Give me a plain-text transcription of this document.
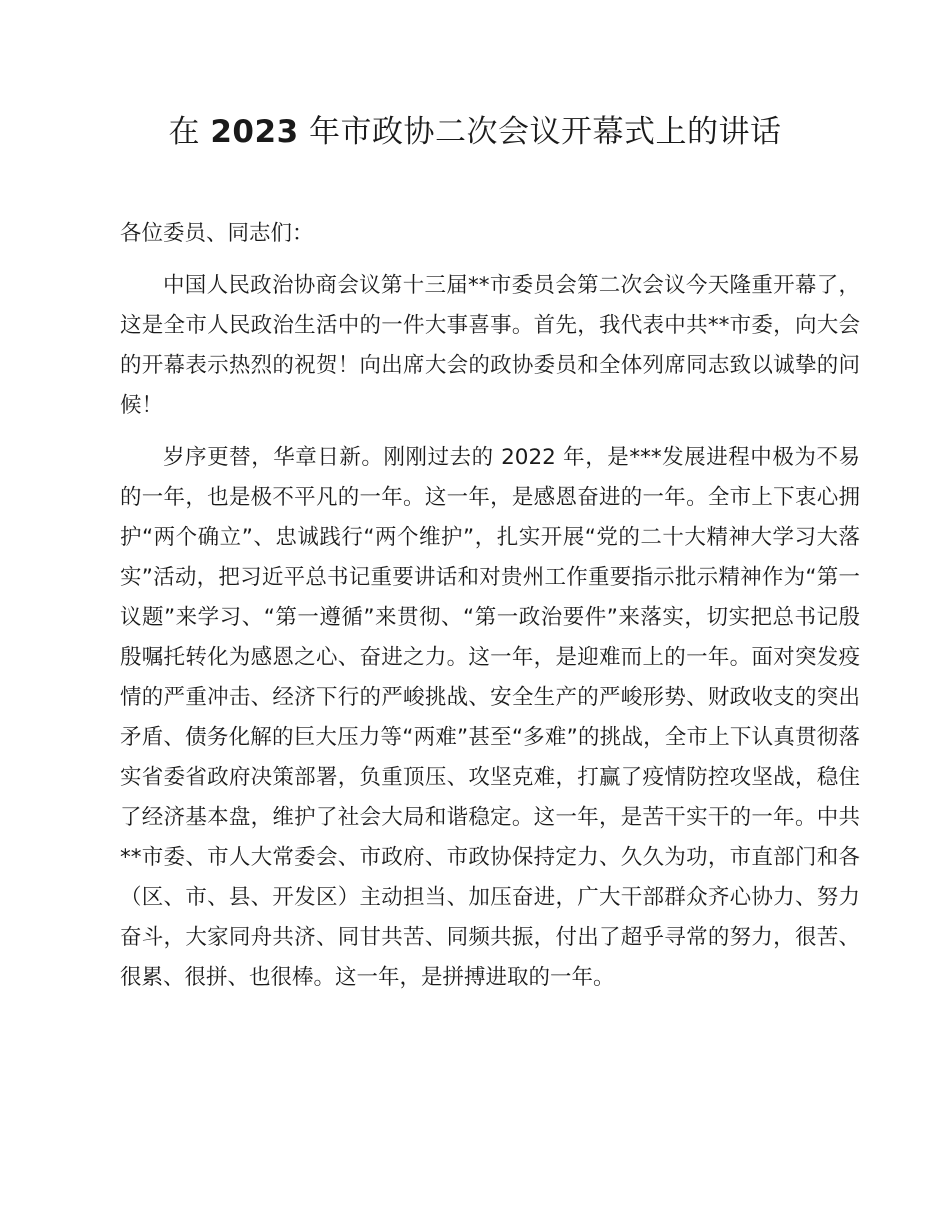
在 2023 年市政协二次会议开幕式上的讲话

各位委员、同志们：

中国人民政治协商会议第十三届**市委员会第二次会议今天隆重开幕了，这是全市人民政治生活中的一件大事喜事。首先，我代表中共**市委，向大会的开幕表示热烈的祝贺！向出席大会的政协委员和全体列席同志致以诚挚的问候！

岁序更替，华章日新。刚刚过去的 2022 年，是***发展进程中极为不易的一年，也是极不平凡的一年。这一年，是感恩奋进的一年。全市上下衷心拥护“两个确立”、忠诚践行“两个维护”，扎实开展“党的二十大精神大学习大落实”活动，把习近平总书记重要讲话和对贵州工作重要指示批示精神作为“第一议题”来学习、“第一遵循”来贯彻、“第一政治要件”来落实，切实把总书记殷殷嘱托转化为感恩之心、奋进之力。这一年，是迎难而上的一年。面对突发疫情的严重冲击、经济下行的严峻挑战、安全生产的严峻形势、财政收支的突出矛盾、债务化解的巨大压力等“两难”甚至“多难”的挑战，全市上下认真贯彻落实省委省政府决策部署，负重顶压、攻坚克难，打赢了疫情防控攻坚战，稳住了经济基本盘，维护了社会大局和谐稳定。这一年，是苦干实干的一年。中共**市委、市人大常委会、市政府、市政协保持定力、久久为功，市直部门和各（区、市、县、开发区）主动担当、加压奋进，广大干部群众齐心协力、努力奋斗，大家同舟共济、同甘共苦、同频共振，付出了超乎寻常的努力，很苦、很累、很拼、也很棒。这一年，是拼搏进取的一年。
